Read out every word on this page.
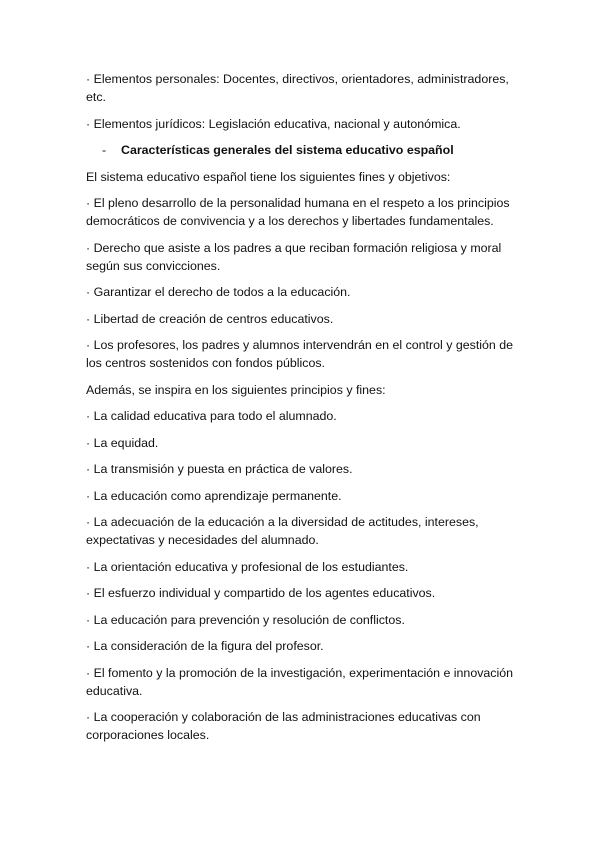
· Elementos personales: Docentes, directivos, orientadores, administradores, etc.

· Elementos jurídicos: Legislación educativa, nacional y autonómica.

- Características generales del sistema educativo español

El sistema educativo español tiene los siguientes fines y objetivos:

· El pleno desarrollo de la personalidad humana en el respeto a los principios democráticos de convivencia y a los derechos y libertades fundamentales.

· Derecho que asiste a los padres a que reciban formación religiosa y moral según sus convicciones.

· Garantizar el derecho de todos a la educación.

· Libertad de creación de centros educativos.

· Los profesores, los padres y alumnos intervendrán en el control y gestión de los centros sostenidos con fondos públicos.

Además, se inspira en los siguientes principios y fines:

· La calidad educativa para todo el alumnado.

· La equidad.

· La transmisión y puesta en práctica de valores.

· La educación como aprendizaje permanente.

· La adecuación de la educación a la diversidad de actitudes, intereses, expectativas y necesidades del alumnado.

· La orientación educativa y profesional de los estudiantes.

· El esfuerzo individual y compartido de los agentes educativos.

· La educación para prevención y resolución de conflictos.

· La consideración de la figura del profesor.

· El fomento y la promoción de la investigación, experimentación e innovación educativa.

· La cooperación y colaboración de las administraciones educativas con corporaciones locales.
